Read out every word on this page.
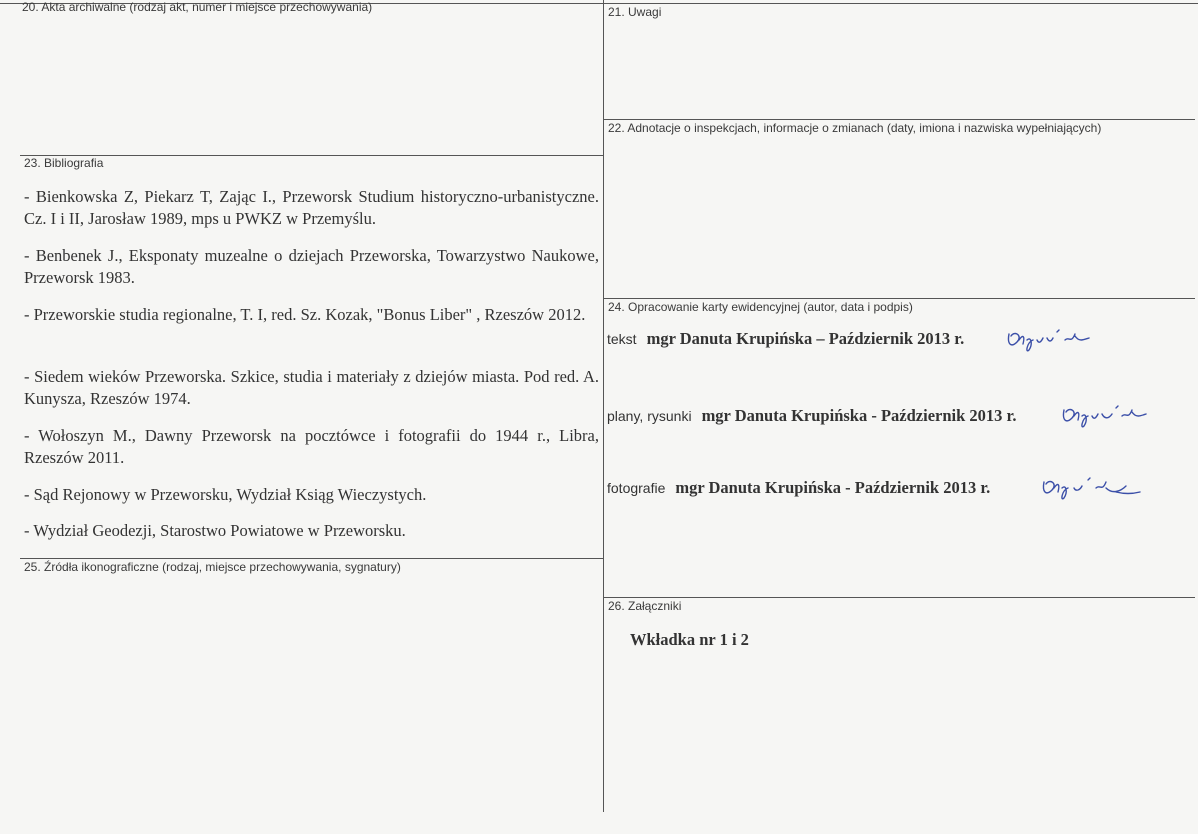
20. Akta archiwalne (rodzaj akt, numer i miejsce przechowywania)	21. Uwagi
22. Adnotacje o inspekcjach, informacje o zmianach (daty, imiona i nazwiska wypełniających)
23. Bibliografia
24. Opracowanie karty ewidencyjnej (autor, data i podpis)
25. Źródła ikonograficzne (rodzaj, miejsce przechowywania, sygnatury)
26. Załączniki
- Bienkowska Z, Piekarz T, Zając I., Przeworsk Studium historyczno-urbanistyczne. Cz. I i II, Jarosław 1989, mps u PWKZ w Przemyślu.
- Benbenek J., Eksponaty muzealne o dziejach Przeworska, Towarzystwo Naukowe, Przeworsk 1983.
- Przeworskie studia regionalne, T. I, red. Sz. Kozak, "Bonus Liber" , Rzeszów 2012.
- Siedem wieków Przeworska. Szkice, studia i materiały z dziejów miasta. Pod red. A. Kunysza, Rzeszów 1974.
- Wołoszyn M., Dawny Przeworsk na pocztówce i fotografii do 1944 r., Libra, Rzeszów 2011.
- Sąd Rejonowy w Przeworsku, Wydział Ksiąg Wieczystych.
- Wydział Geodezji, Starostwo Powiatowe w Przeworsku.
tekst mgr Danuta Krupińska – Październik 2013 r.
plany, rysunki mgr Danuta Krupińska - Październik 2013 r.
fotografie mgr Danuta Krupińska - Październik 2013 r.
Wkładka nr 1 i 2
